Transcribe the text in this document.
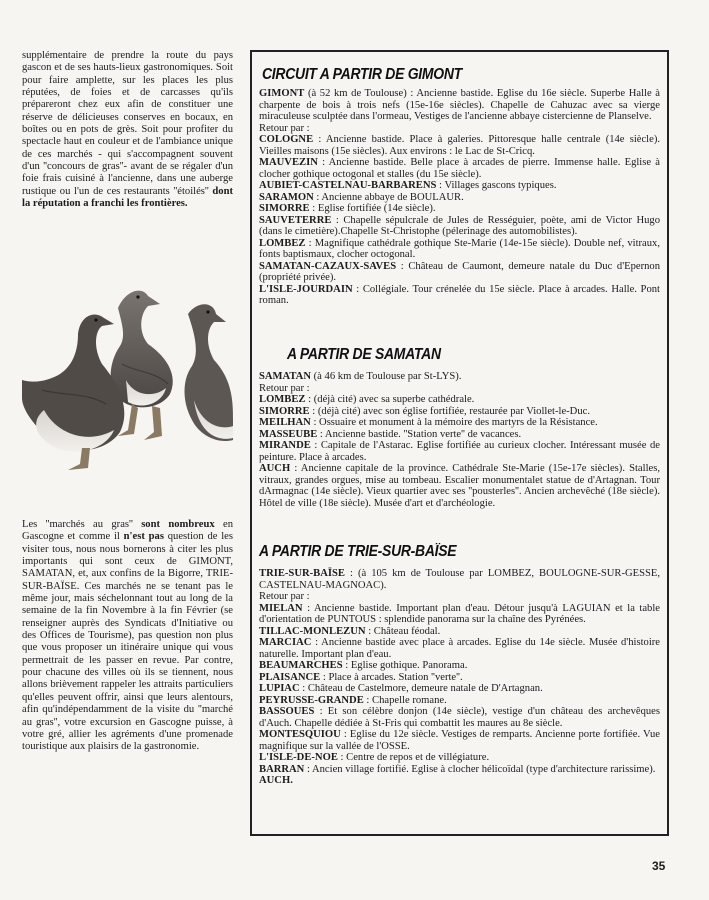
supplémentaire de prendre la route du pays gascon et de ses hauts-lieux gastronomiques. Soit pour faire amplette, sur les places les plus réputées, de foies et de carcasses qu'ils prépareront chez eux afin de constituer une réserve de délicieuses conserves en bocaux, en boîtes ou en pots de grès. Soit pour profiter du spectacle haut en couleur et de l'ambiance unique de ces marchés - qui s'accompagnent souvent d'un ''concours de gras''- avant de se régaler d'un foie frais cuisiné à l'ancienne, dans une auberge rustique ou l'un de ces restaurants ''étoilés'' dont la réputation a franchi les frontières.

Les ''marchés au gras'' sont nombreux en Gascogne et comme il n'est pas question de les visiter tous, nous nous bornerons à citer les plus importants qui sont ceux de GIMONT, SAMATAN, et, aux confins de la Bigorre, TRIE-SUR-BAÏSE. Ces marchés ne se tenant pas le même jour, mais séchelonnant tout au long de la semaine de la fin Novembre à la fin Février (se renseigner auprès des Syndicats d'Initiative ou des Offices de Tourisme), pas question non plus que vous proposer un itinéraire unique qui vous permettrait de les passer en revue. Par contre, pour chacune des villes où ils se tiennent, nous allons brièvement rappeler les attraits particuliers qu'elles peuvent offrir, ainsi que leurs alentours, afin qu'indépendamment de la visite du ''marché au gras'', votre excursion en Gascogne puisse, à votre gré, allier les agréments d'une promenade touristique aux plaisirs de la gastronomie.

CIRCUIT A PARTIR DE GIMONT

GIMONT (à 52 km de Toulouse) : Ancienne bastide. Eglise du 16e siècle. Superbe Halle à charpente de bois à trois nefs (15e-16e siècles). Chapelle de Cahuzac avec sa vierge miraculeuse sculptée dans l'ormeau, Vestiges de l'ancienne abbaye cistercienne de Planselve.

Retour par :

COLOGNE : Ancienne bastide. Place à galeries. Pittoresque halle centrale (14e siècle). Vieilles maisons (15e siècles). Aux environs : le Lac de St-Cricq.

MAUVEZIN : Ancienne bastide. Belle place à arcades de pierre. Immense halle. Eglise à clocher gothique octogonal et stalles (du 15e siècle).

AUBIET-CASTELNAU-BARBARENS : Villages gascons typiques.

SARAMON : Ancienne abbaye de BOULAUR.

SIMORRE : Eglise fortifiée (14e siècle).

SAUVETERRE : Chapelle sépulcrale de Jules de Rességuier, poète, ami de Victor Hugo (dans le cimetière).Chapelle St-Christophe (pélerinage des automobilistes).

LOMBEZ : Magnifique cathédrale gothique Ste-Marie (14e-15e siècle). Double nef, vitraux, fonts baptismaux, clocher octogonal.

SAMATAN-CAZAUX-SAVES : Château de Caumont, demeure natale du Duc d'Epernon (propriété privée).

L'ISLE-JOURDAIN : Collégiale. Tour crénelée du 15e siècle. Place à arcades. Halle. Pont roman.

A PARTIR DE SAMATAN

SAMATAN (à 46 km de Toulouse par St-LYS).

Retour par :

LOMBEZ : (déjà cité) avec sa superbe cathédrale.

SIMORRE : (déjà cité) avec son église fortifiée, restaurée par Viollet-le-Duc.

MEILHAN : Ossuaire et monument à la mémoire des martyrs de la Résistance.

MASSEUBE : Ancienne bastide. ''Station verte'' de vacances.

MIRANDE : Capitale de l'Astarac. Eglise fortifiée au curieux clocher. Intéressant musée de peinture. Place à arcades.

AUCH : Ancienne capitale de la province. Cathédrale Ste-Marie (15e-17e siècles). Stalles, vitraux, grandes orgues, mise au tombeau. Escalier monumentalet statue de d'Artagnan. Tour dArmagnac (14e siècle). Vieux quartier avec ses ''pousterles''. Ancien archevêché (18e siècle). Hôtel de ville (18e siècle). Musée d'art et d'archéologie.

A PARTIR DE TRIE-SUR-BAÏSE

TRIE-SUR-BAÏSE : (à 105 km de Toulouse par LOMBEZ, BOULOGNE-SUR-GESSE, CASTELNAU-MAGNOAC).

Retour par :

MIELAN : Ancienne bastide. Important plan d'eau. Détour jusqu'à LAGUIAN et la table d'orientation de PUNTOUS : splendide panorama sur la chaîne des Pyrénées.

TILLAC-MONLEZUN : Château féodal.

MARCIAC : Ancienne bastide avec place à arcades. Eglise du 14e siècle. Musée d'histoire naturelle. Important plan d'eau.

BEAUMARCHES : Eglise gothique. Panorama.

PLAISANCE : Place à arcades. Station ''verte''.

LUPIAC : Château de Castelmore, demeure natale de D'Artagnan.

PEYRUSSE-GRANDE : Chapelle romane.

BASSOUES : Et son célèbre donjon (14e siècle), vestige d'un château des archevêques d'Auch. Chapelle dédiée à St-Fris qui combattit les maures au 8e siècle.

MONTESQUIOU : Eglise du 12e siècle. Vestiges de remparts. Ancienne porte fortifiée. Vue magnifique sur la vallée de l'OSSE.

L'ISLE-DE-NOE : Centre de repos et de villégiature.

BARRAN : Ancien village fortifié. Eglise à clocher hélicoïdal (type d'architecture rarissime).

AUCH.

35
